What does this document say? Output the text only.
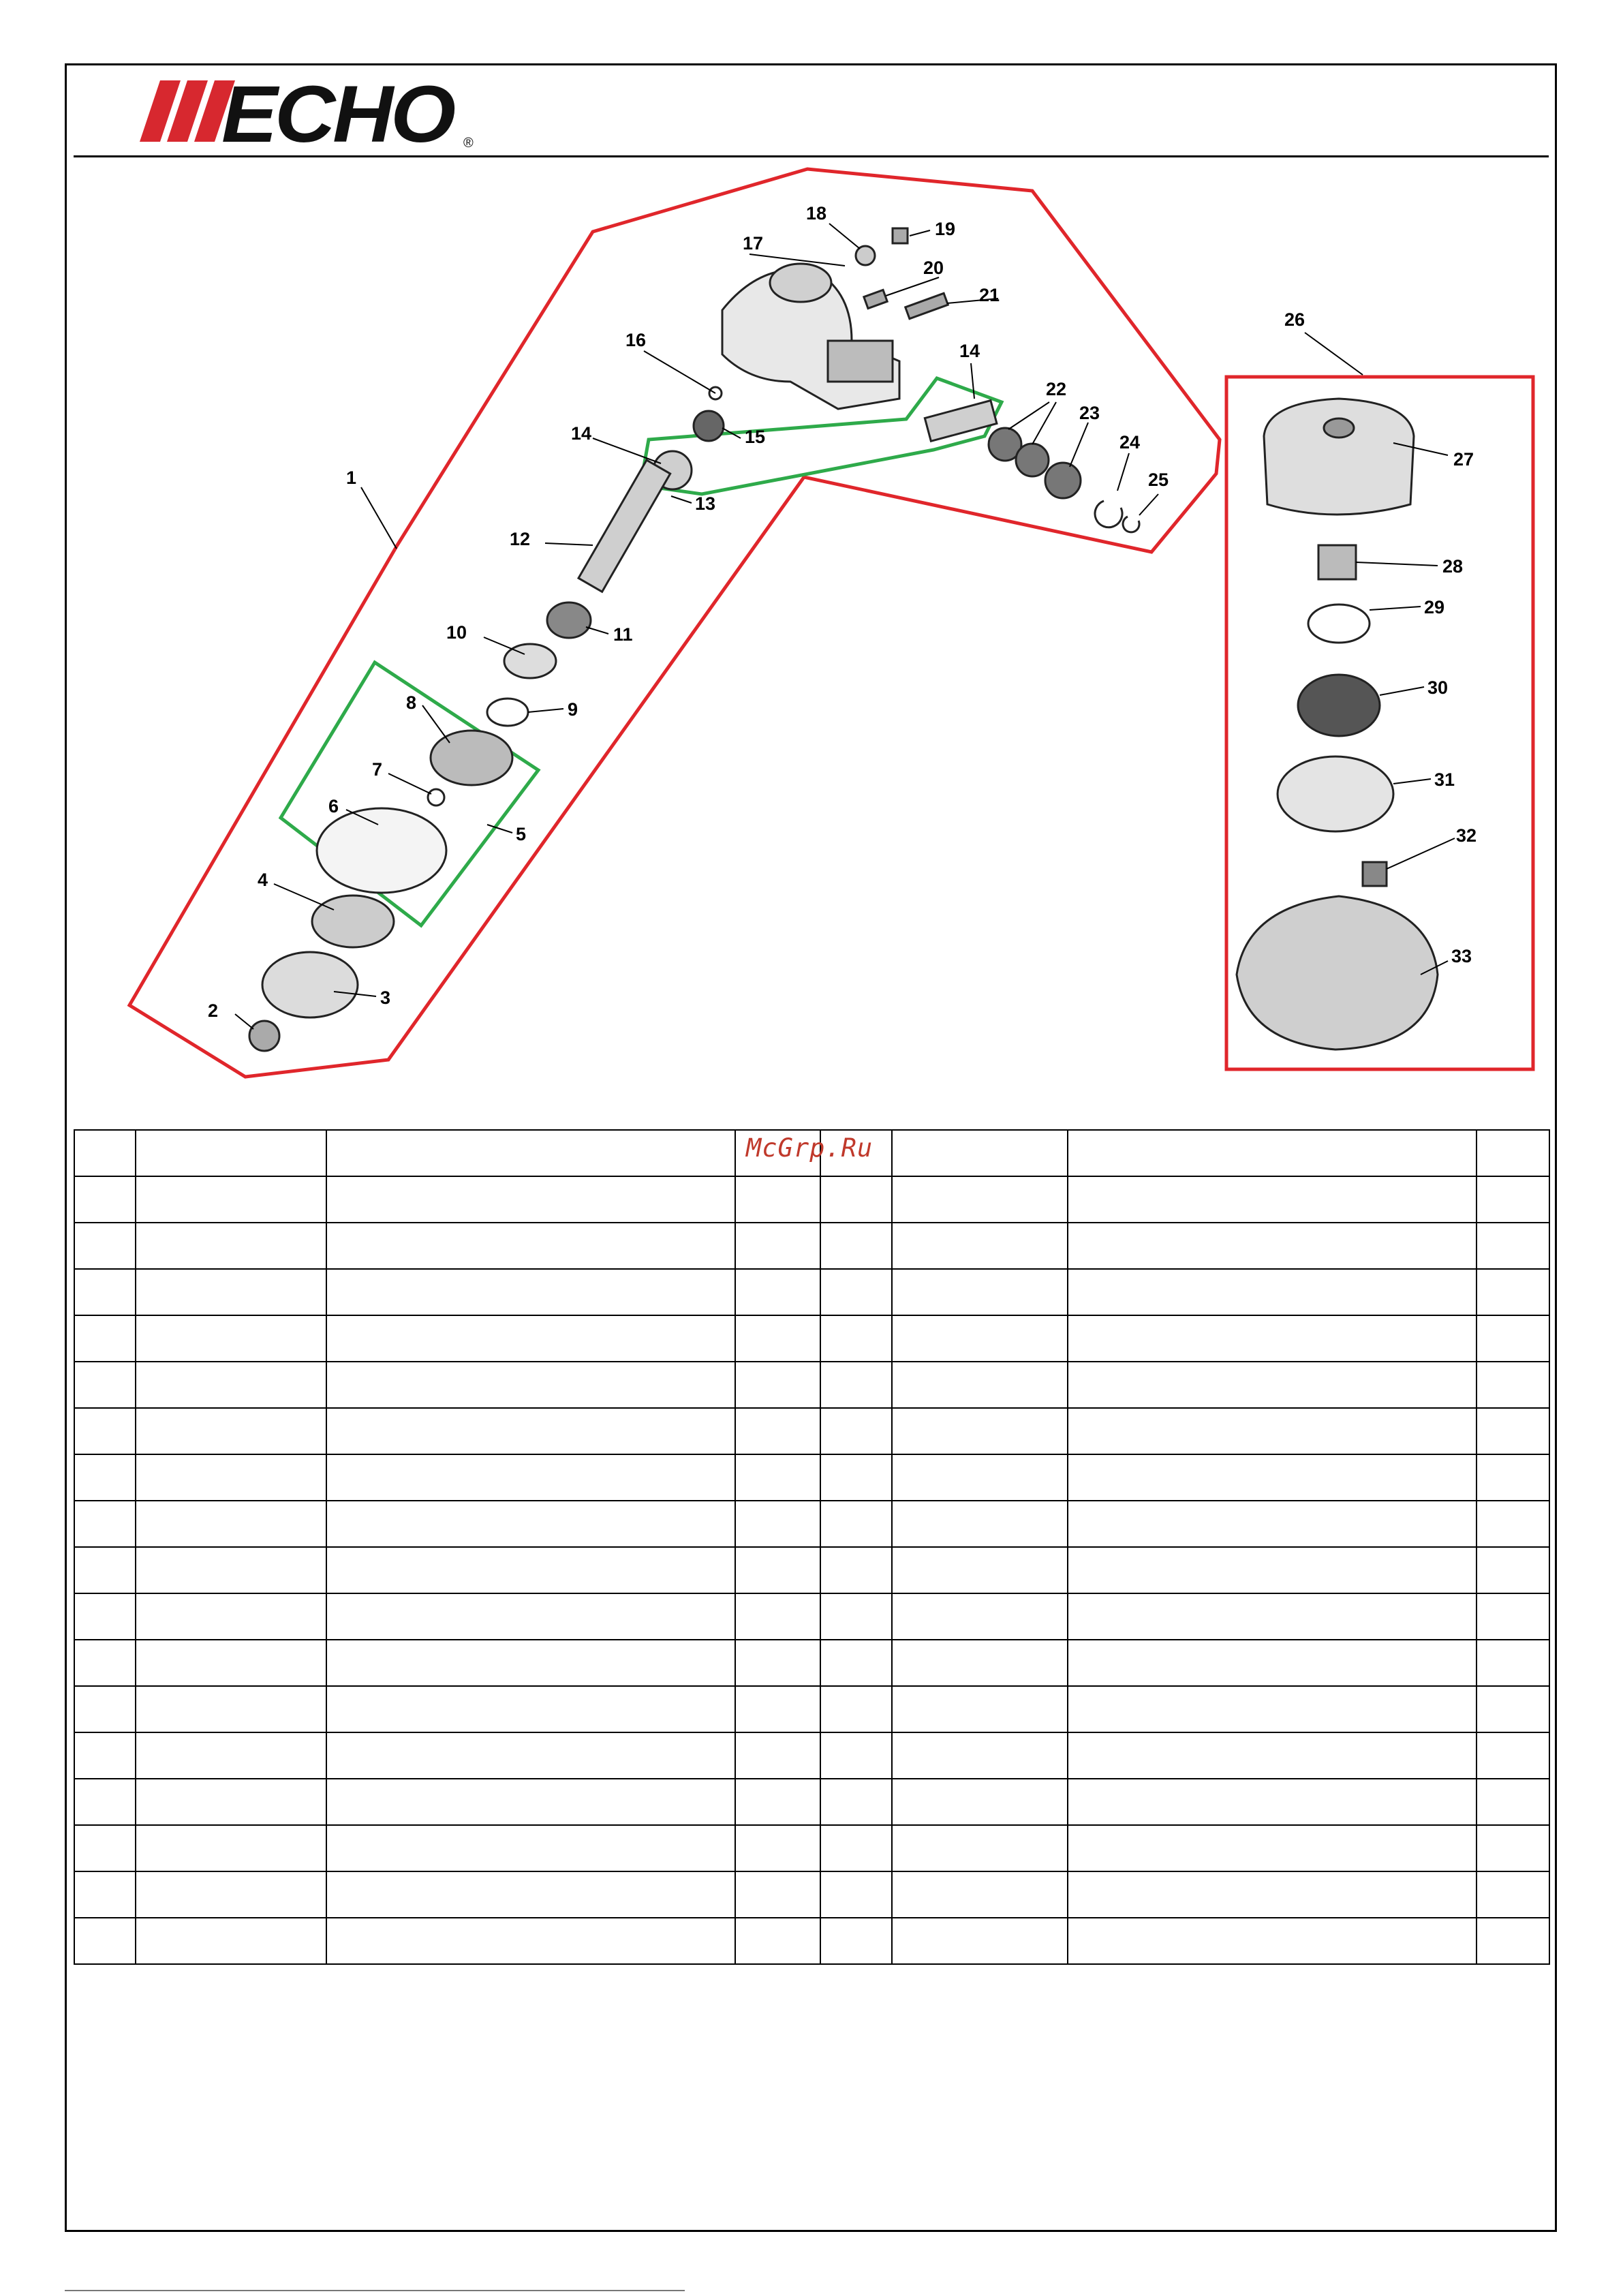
ECHO ®
1
2
3
4
5
6
7
8	9
10	11
12
13
14
14
15
16
17
18
19
20
21
22
23
24
25
26
27
28
29
30
31
32
33

McGrp.Ru
